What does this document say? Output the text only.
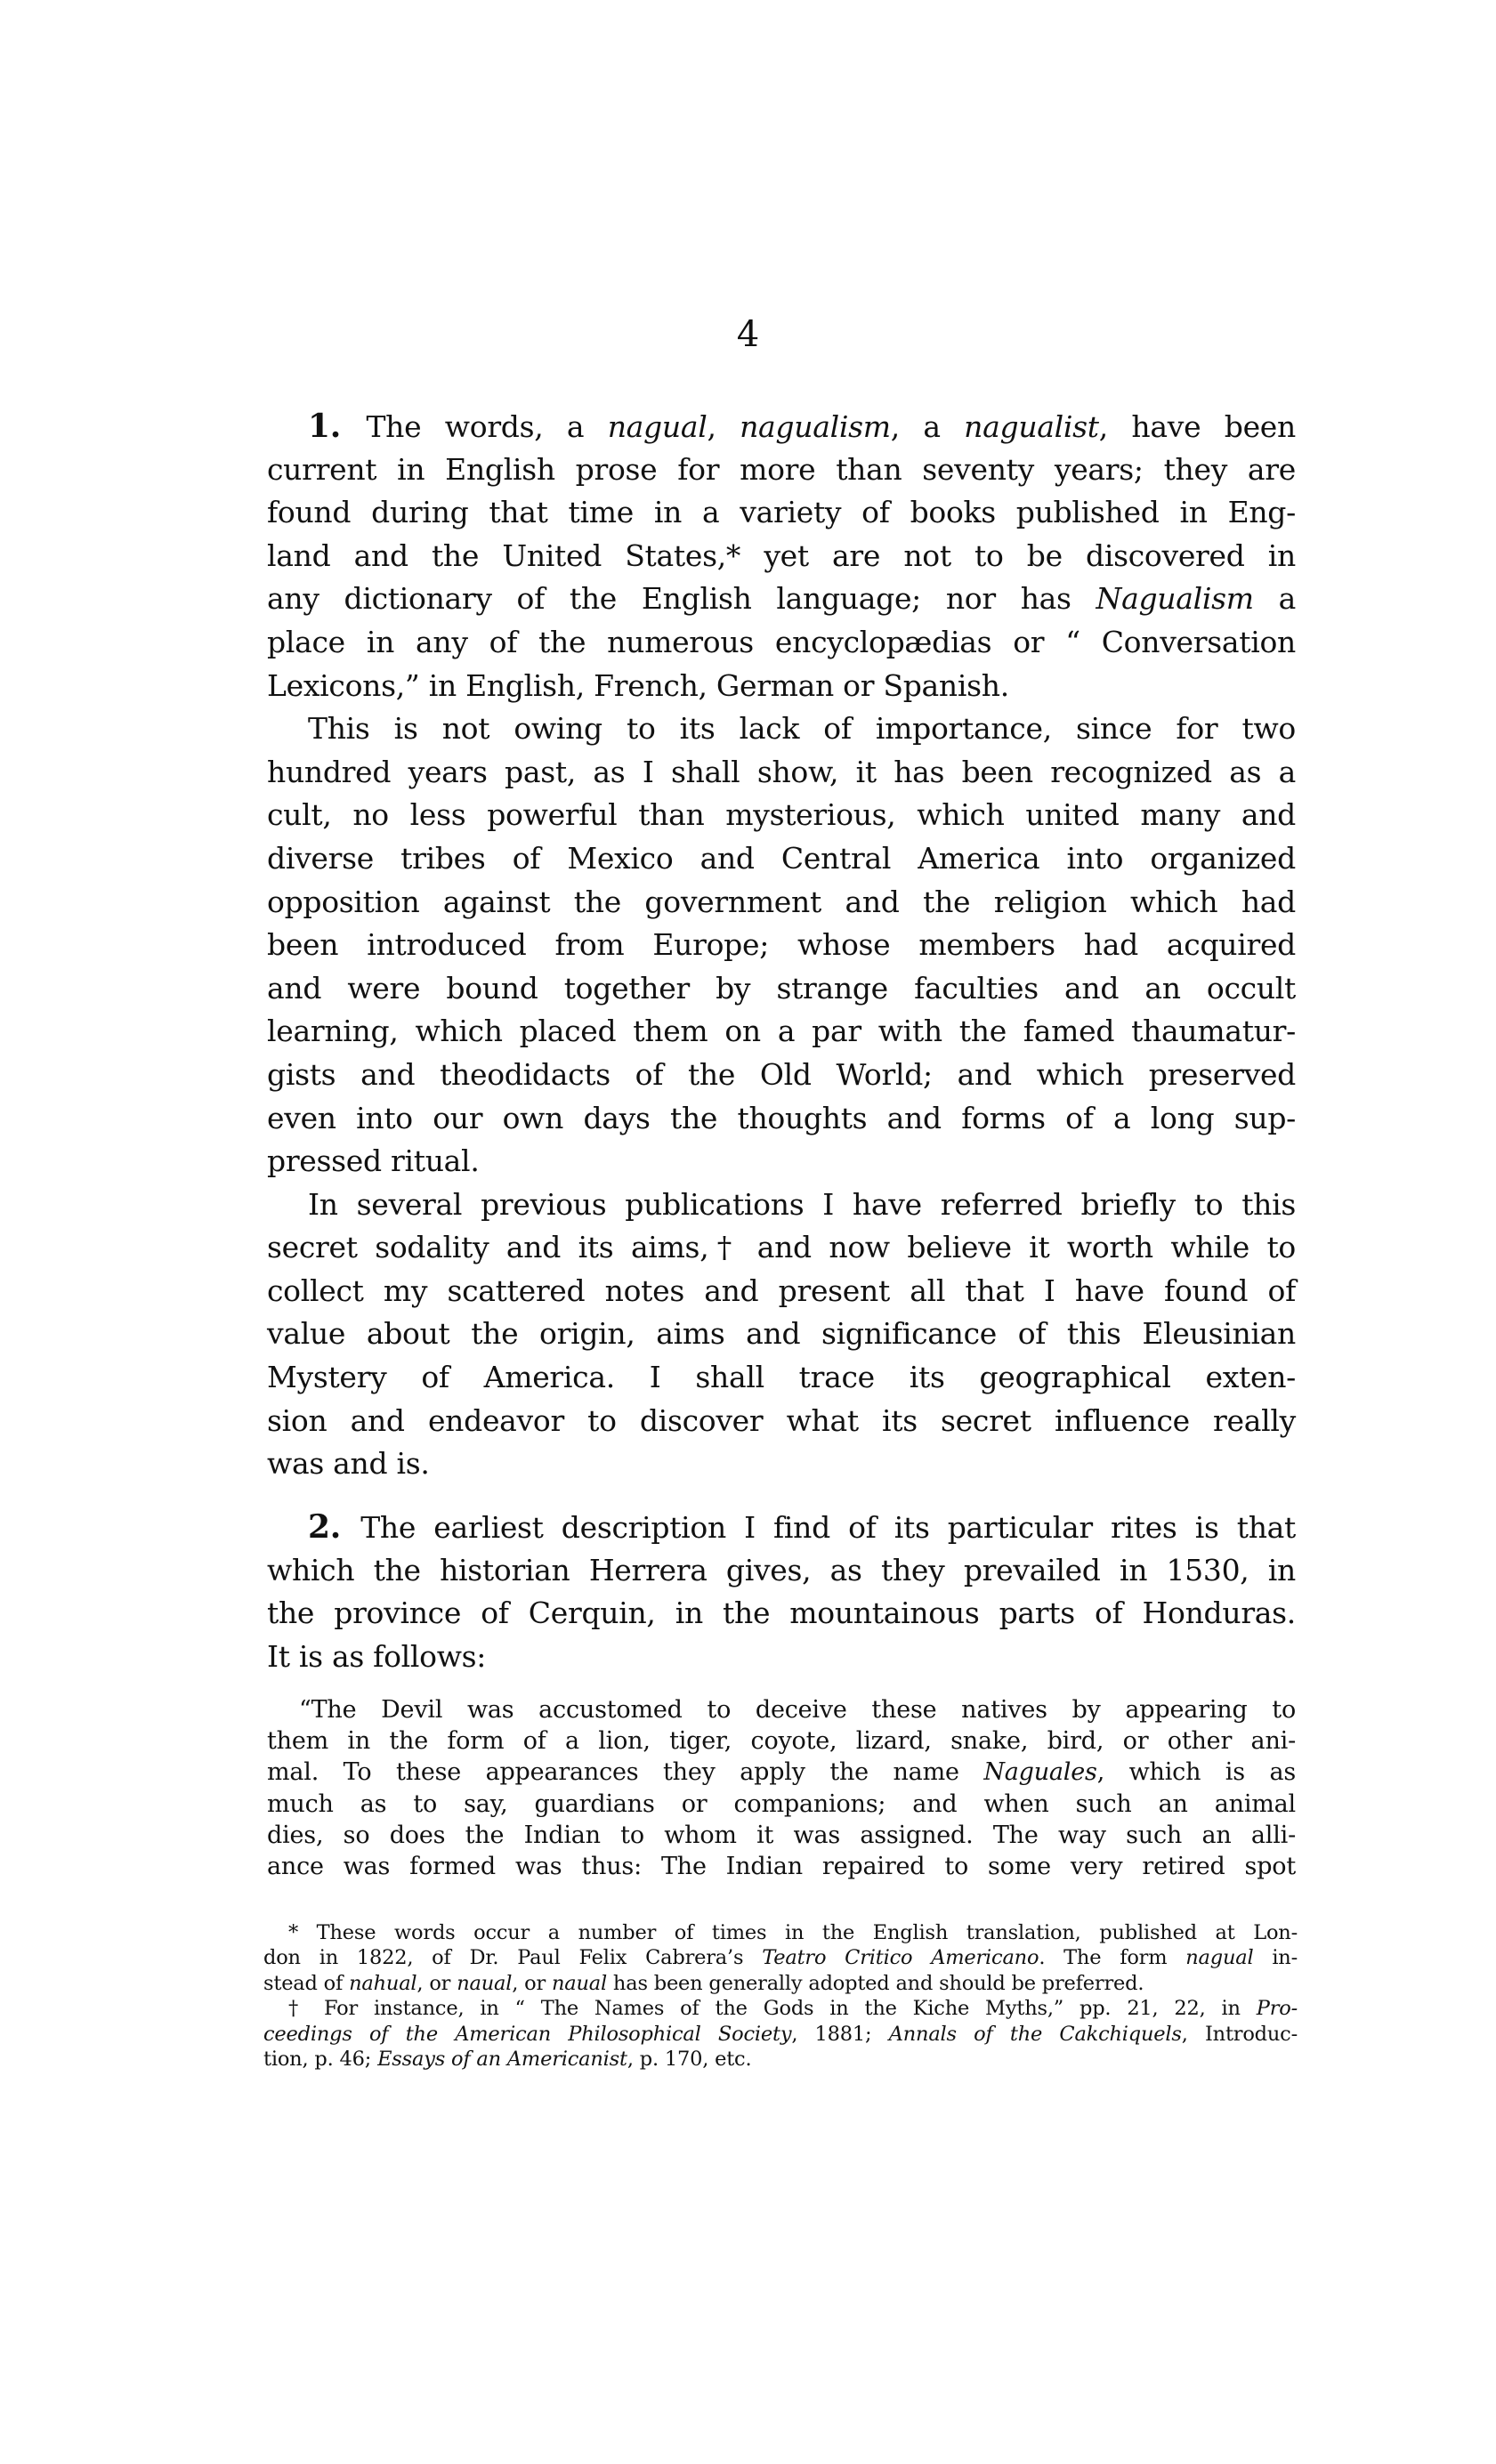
4
1. The words, a nagual, nagualism, a nagualist, have been
current in English prose for more than seventy years; they are
found during that time in a variety of books published in Eng-
land and the United States,* yet are not to be discovered in
any dictionary of the English language; nor has Nagualism a
place in any of the numerous encyclopædias or “ Conversation
Lexicons,” in English, French, German or Spanish.
This is not owing to its lack of importance, since for two
hundred years past, as I shall show, it has been recognized as a
cult, no less powerful than mysterious, which united many and
diverse tribes of Mexico and Central America into organized
opposition against the government and the religion which had
been introduced from Europe; whose members had acquired
and were bound together by strange faculties and an occult
learning, which placed them on a par with the famed thaumatur-
gists and theodidacts of the Old World; and which preserved
even into our own days the thoughts and forms of a long sup-
pressed ritual.
In several previous publications I have referred briefly to this
secret sodality and its aims,† and now believe it worth while to
collect my scattered notes and present all that I have found of
value about the origin, aims and significance of this Eleusinian
Mystery of America. I shall trace its geographical exten-
sion and endeavor to discover what its secret influence really
was and is.
2. The earliest description I find of its particular rites is that
which the historian Herrera gives, as they prevailed in 1530, in
the province of Cerquin, in the mountainous parts of Honduras.
It is as follows:
“The Devil was accustomed to deceive these natives by appearing to
them in the form of a lion, tiger, coyote, lizard, snake, bird, or other ani-
mal. To these appearances they apply the name Naguales, which is as
much as to say, guardians or companions; and when such an animal
dies, so does the Indian to whom it was assigned. The way such an alli-
ance was formed was thus: The Indian repaired to some very retired spot
* These words occur a number of times in the English translation, published at Lon-
don in 1822, of Dr. Paul Felix Cabrera’s Teatro Critico Americano. The form nagual in-
stead of nahual, or naual, or naual has been generally adopted and should be preferred.
† For instance, in “ The Names of the Gods in the Kiche Myths,” pp. 21, 22, in Pro-
ceedings of the American Philosophical Society, 1881; Annals of the Cakchiquels, Introduc-
tion, p. 46; Essays of an Americanist, p. 170, etc.
